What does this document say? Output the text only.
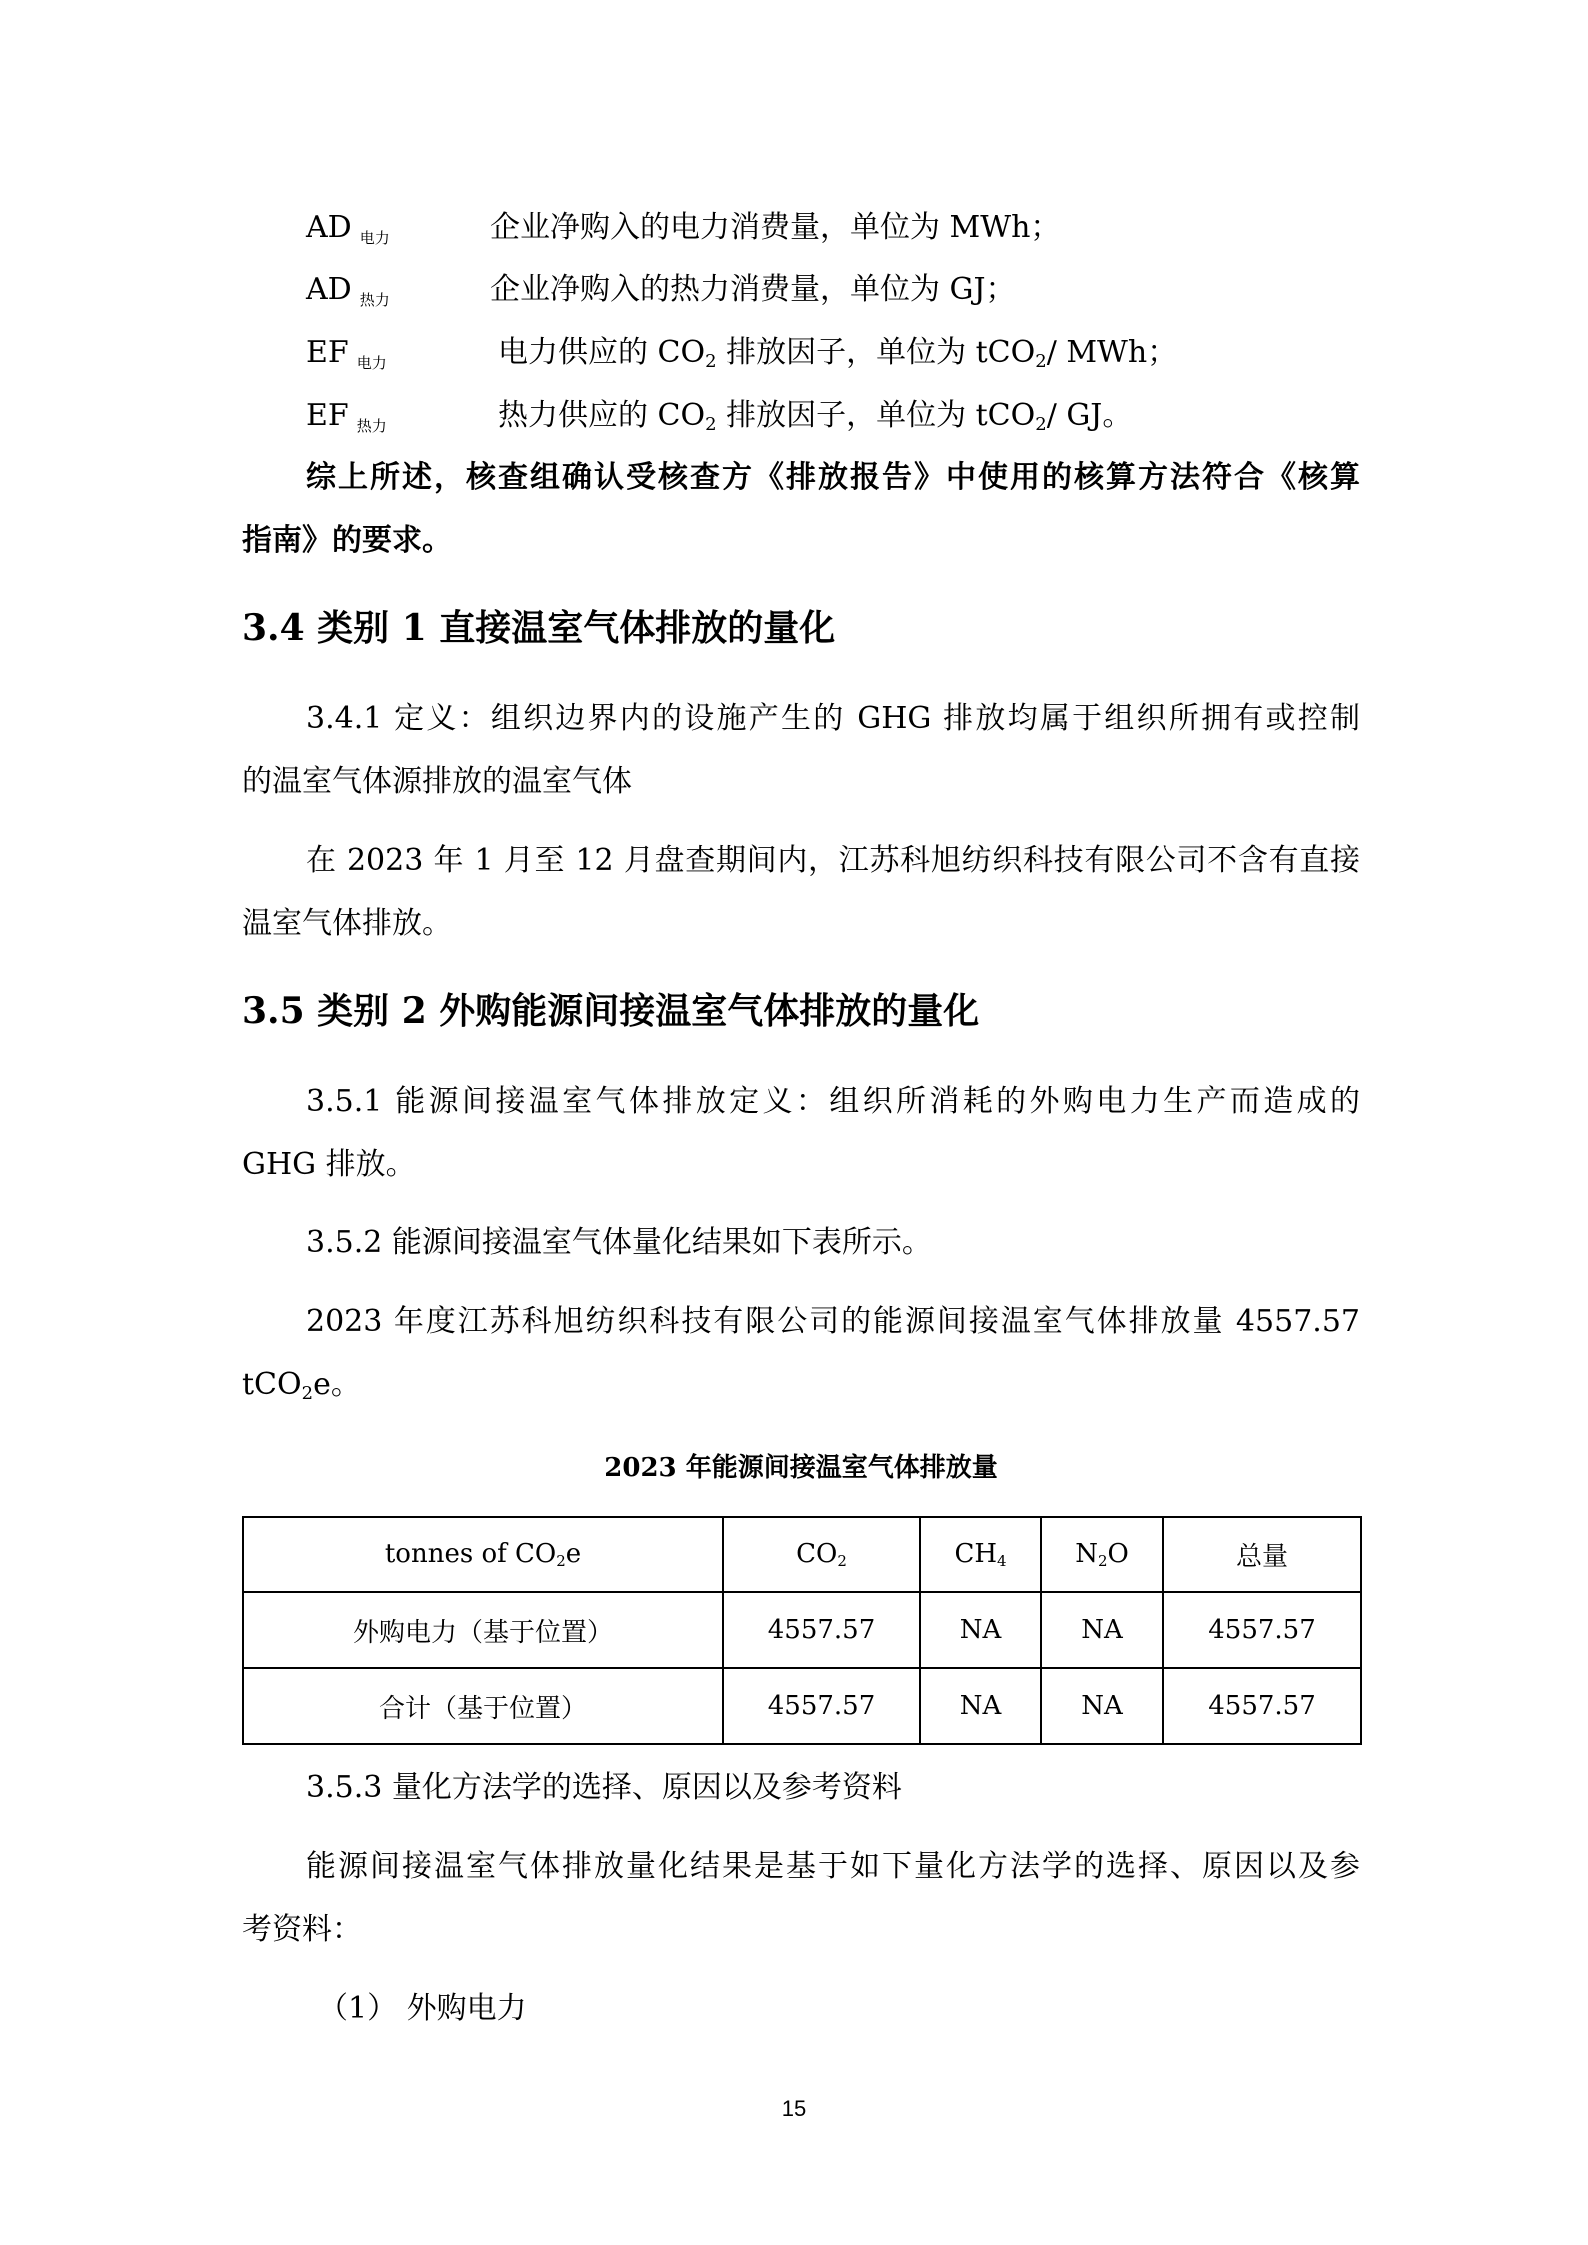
AD $_{电力}$	企业净购入的电力消费量，单位为 MWh；
AD $_{热力}$	企业净购入的热力消费量，单位为 GJ；
EF $_{电力}$	电力供应的 $CO_2$ 排放因子，单位为 tCO$_2$/ MWh；
EF $_{热力}$	热力供应的 $CO_2$ 排放因子，单位为 tCO$_2$/ GJ。
综上所述，核查组确认受核查方《排放报告》中使用的核算方法符合《核算
指南》的要求。
3.4 类别 1 直接温室气体排放的量化
3.4.1 定义：组织边界内的设施产生的 GHG 排放均属于组织所拥有或控制
的温室气体源排放的温室气体
在 2023 年 1 月至 12 月盘查期间内，江苏科旭纺织科技有限公司不含有直接
温室气体排放。
3.5 类别 2 外购能源间接温室气体排放的量化
3.5.1 能源间接温室气体排放定义：组织所消耗的外购电力生产而造成的
GHG 排放。
3.5.2 能源间接温室气体量化结果如下表所示。
2023 年度江苏科旭纺织科技有限公司的能源间接温室气体排放量 4557.57
tCO$_2$e。
2023 年能源间接温室气体排放量
tonnes of $CO_2e$	$CO_2$	$CH_4$	$N_2O$	总量
外购电力（基于位置）	4557.57	NA	NA	4557.57
合计（基于位置）	4557.57	NA	NA	4557.57
3.5.3 量化方法学的选择、原因以及参考资料
能源间接温室气体排放量化结果是基于如下量化方法学的选择、原因以及参
考资料：
（1） 外购电力
15
